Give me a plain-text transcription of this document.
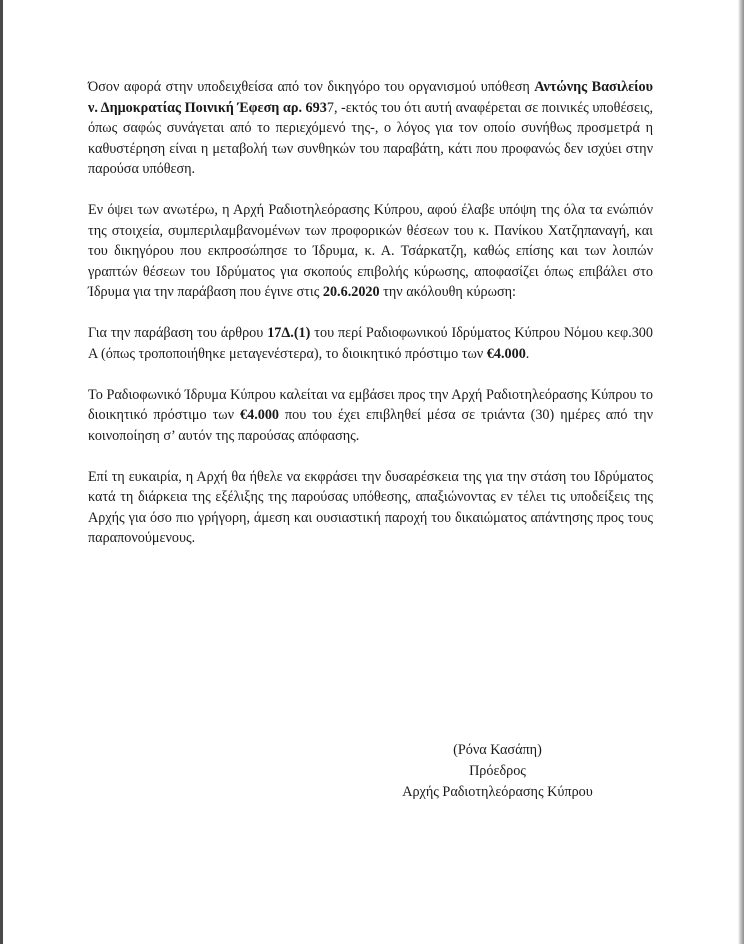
Όσον αφορά στην υποδειχθείσα από τον δικηγόρο του οργανισμού υπόθεση Αντώνης Βασιλείου ν. Δημοκρατίας Ποινική Έφεση αρ. 6937, -εκτός του ότι αυτή αναφέρεται σε ποινικές υποθέσεις, όπως σαφώς συνάγεται από το περιεχόμενό της-, ο λόγος για τον οποίο συνήθως προσμετρά η καθυστέρηση είναι η μεταβολή των συνθηκών του παραβάτη, κάτι που προφανώς δεν ισχύει στην παρούσα υπόθεση.

Εν όψει των ανωτέρω, η Αρχή Ραδιοτηλεόρασης Κύπρου, αφού έλαβε υπόψη της όλα τα ενώπιόν της στοιχεία, συμπεριλαμβανομένων των προφορικών θέσεων του κ. Πανίκου Χατζηπαναγή, και του δικηγόρου που εκπροσώπησε το Ίδρυμα, κ. Α. Τσάρκατζη, καθώς επίσης και των λοιπών γραπτών θέσεων του Ιδρύματος για σκοπούς επιβολής κύρωσης, αποφασίζει όπως επιβάλει στο Ίδρυμα για την παράβαση που έγινε στις 20.6.2020 την ακόλουθη κύρωση:

Για την παράβαση του άρθρου 17Δ.(1) του περί Ραδιοφωνικού Ιδρύματος Κύπρου Νόμου κεφ.300 Α (όπως τροποποιήθηκε μεταγενέστερα), το διοικητικό πρόστιμο των €4.000.

Το Ραδιοφωνικό Ίδρυμα Κύπρου καλείται να εμβάσει προς την Αρχή Ραδιοτηλεόρασης Κύπρου το διοικητικό πρόστιμο των €4.000 που του έχει επιβληθεί μέσα σε τριάντα (30) ημέρες από την κοινοποίηση σ’ αυτόν της παρούσας απόφασης.

Επί τη ευκαιρία, η Αρχή θα ήθελε να εκφράσει την δυσαρέσκεια της για την στάση του Ιδρύματος κατά τη διάρκεια της εξέλιξης της παρούσας υπόθεσης, απαξιώνοντας εν τέλει τις υποδείξεις της Αρχής για όσο πιο γρήγορη, άμεση και ουσιαστική παροχή του δικαιώματος απάντησης προς τους παραπονούμενους.

(Ρόνα Κασάπη)
Πρόεδρος
Αρχής Ραδιοτηλεόρασης Κύπρου
